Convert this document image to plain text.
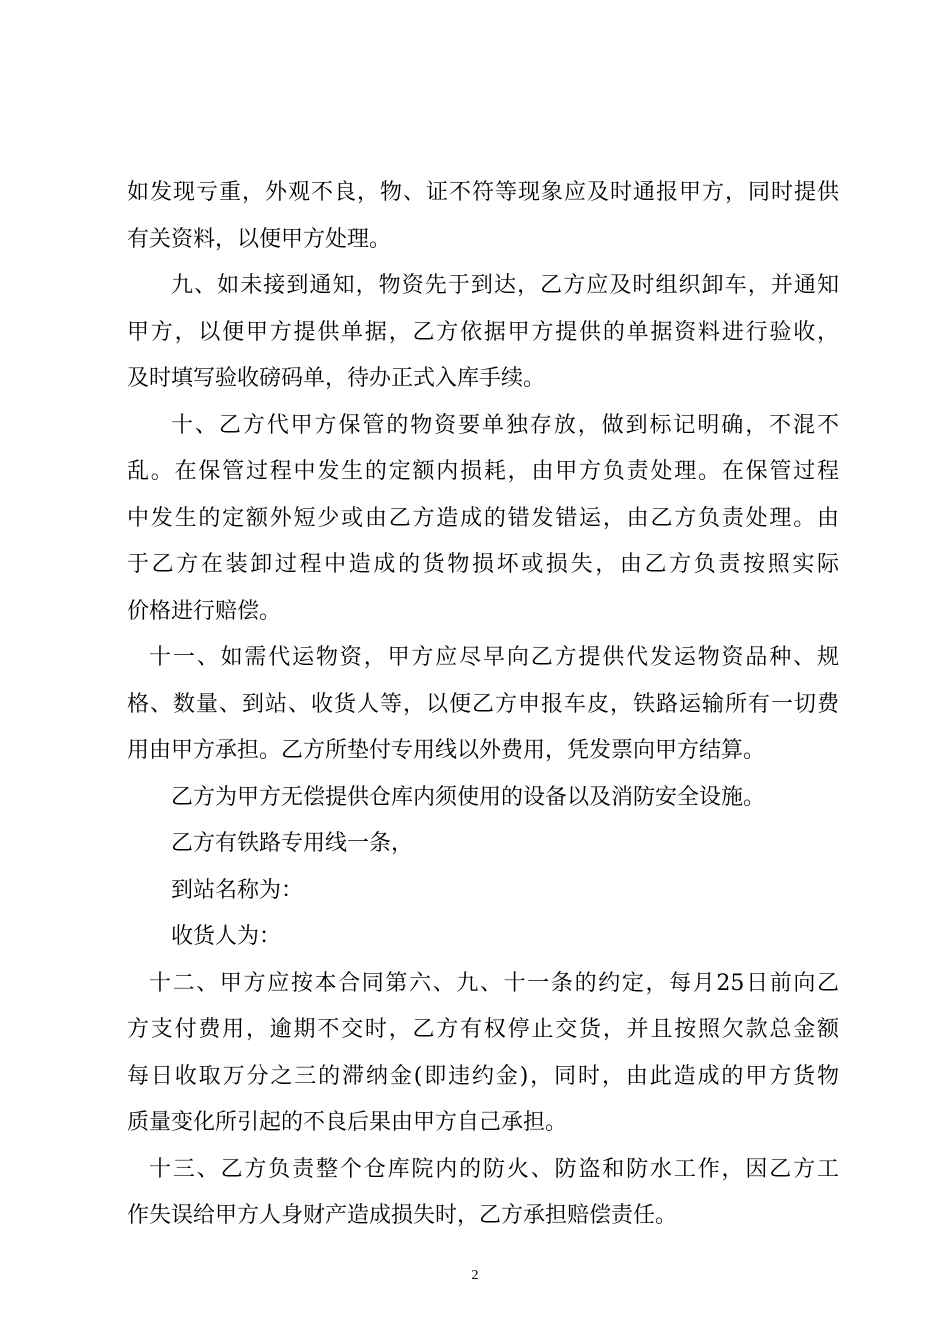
如发现亏重，外观不良，物、证不符等现象应及时通报甲方，同时提供
有关资料，以便甲方处理。
九、如未接到通知，物资先于到达，乙方应及时组织卸车，并通知
甲方，以便甲方提供单据，乙方依据甲方提供的单据资料进行验收，
及时填写验收磅码单，待办正式入库手续。
十、乙方代甲方保管的物资要单独存放，做到标记明确，不混不
乱。在保管过程中发生的定额内损耗，由甲方负责处理。在保管过程
中发生的定额外短少或由乙方造成的错发错运，由乙方负责处理。由
于乙方在装卸过程中造成的货物损坏或损失，由乙方负责按照实际
价格进行赔偿。
十一、如需代运物资，甲方应尽早向乙方提供代发运物资品种、规
格、数量、到站、收货人等，以便乙方申报车皮，铁路运输所有一切费
用由甲方承担。乙方所垫付专用线以外费用，凭发票向甲方结算。
乙方为甲方无偿提供仓库内须使用的设备以及消防安全设施。
乙方有铁路专用线一条，
到站名称为：
收货人为：
十二、甲方应按本合同第六、九、十一条的约定，每月25日前向乙
方支付费用，逾期不交时，乙方有权停止交货，并且按照欠款总金额
每日收取万分之三的滞纳金(即违约金)，同时，由此造成的甲方货物
质量变化所引起的不良后果由甲方自己承担。
十三、乙方负责整个仓库院内的防火、防盗和防水工作，因乙方工
作失误给甲方人身财产造成损失时，乙方承担赔偿责任。
2
